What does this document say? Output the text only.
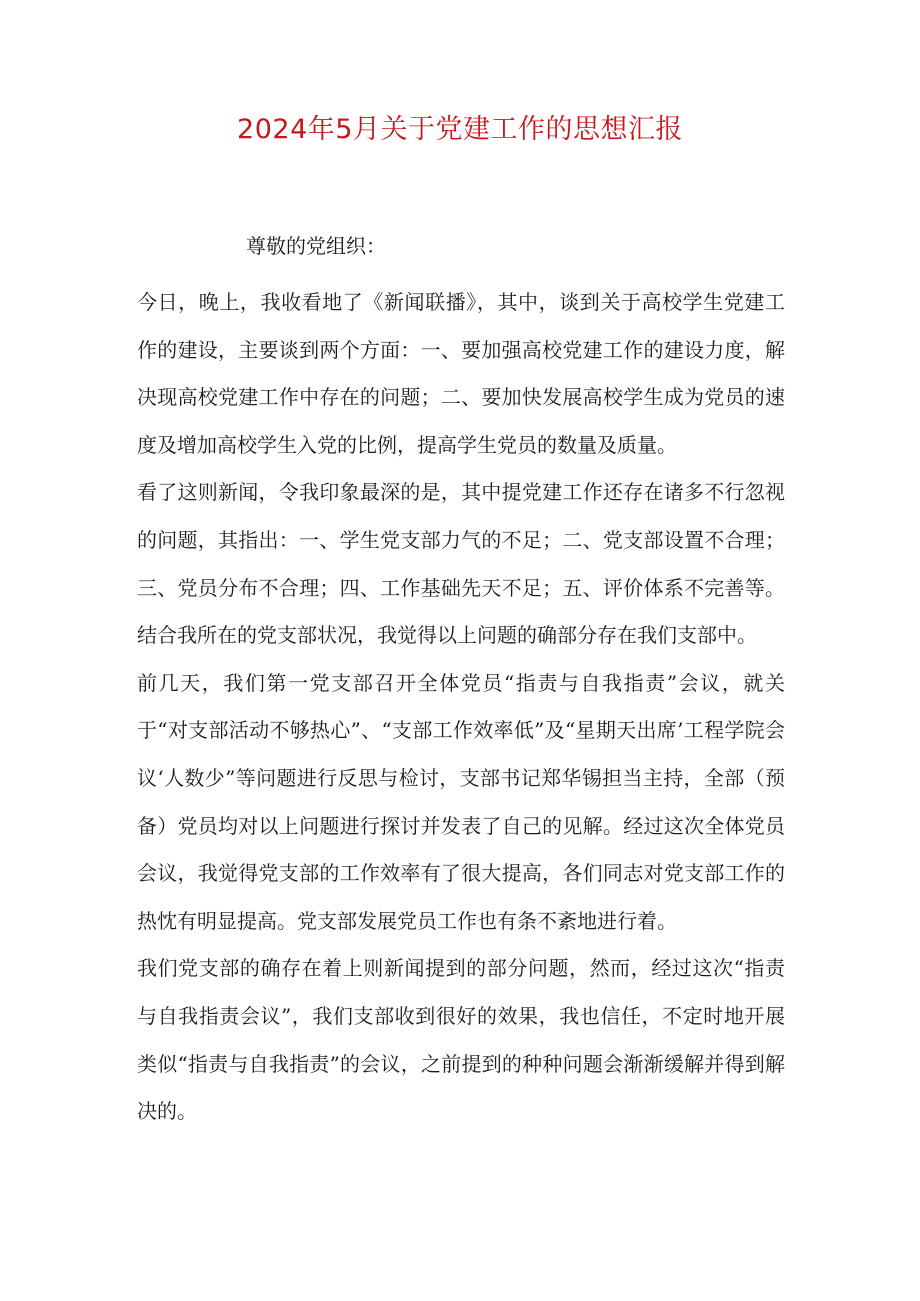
2024年5月关于党建工作的思想汇报
尊敬的党组织：

今日，晚上，我收看地了《新闻联播》，其中，谈到关于高校学生党建工作的建设，主要谈到两个方面：一、要加强高校党建工作的建设力度，解决现高校党建工作中存在的问题；二、要加快发展高校学生成为党员的速度及增加高校学生入党的比例，提高学生党员的数量及质量。

看了这则新闻，令我印象最深的是，其中提党建工作还存在诸多不行忽视的问题，其指出：一、学生党支部力气的不足；二、党支部设置不合理；三、党员分布不合理；四、工作基础先天不足；五、评价体系不完善等。结合我所在的党支部状况，我觉得以上问题的确部分存在我们支部中。

前几天，我们第一党支部召开全体党员“指责与自我指责”会议，就关于“对支部活动不够热心”、“支部工作效率低”及“星期天出席’工程学院会议‘人数少”等问题进行反思与检讨，支部书记郑华锡担当主持，全部（预备）党员均对以上问题进行探讨并发表了自己的见解。经过这次全体党员会议，我觉得党支部的工作效率有了很大提高，各们同志对党支部工作的热忱有明显提高。党支部发展党员工作也有条不紊地进行着。

我们党支部的确存在着上则新闻提到的部分问题，然而，经过这次“指责与自我指责会议”，我们支部收到很好的效果，我也信任，不定时地开展类似“指责与自我指责”的会议，之前提到的种种问题会渐渐缓解并得到解决的。
